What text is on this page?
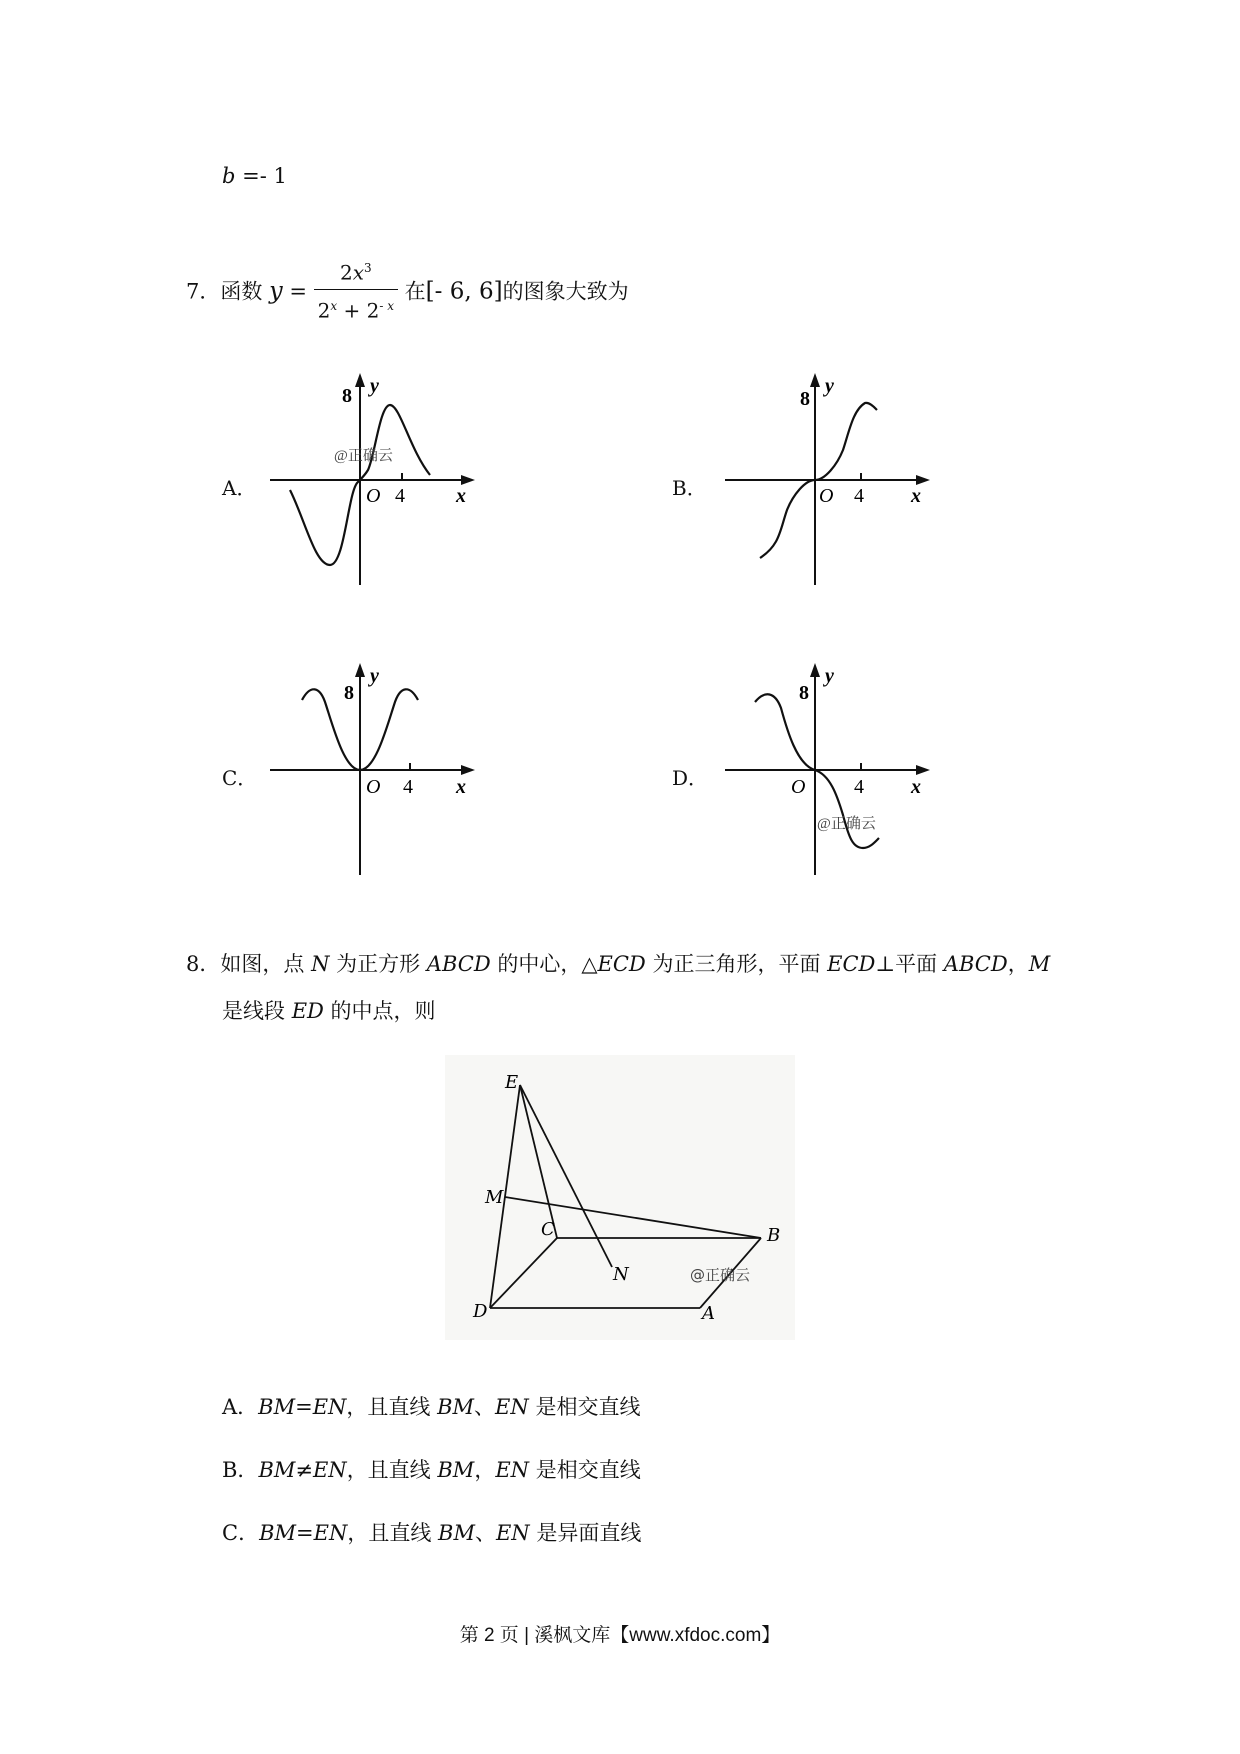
b =- 1
7．函数 $y = \frac{2x^3}{2^x + 2^{- x}}$ 在[- 6, 6]的图象大致为
A．	B．
C．	D．
8 y
O 4	x
@正确云
8
y
O 4 x
8
y
O 4 x
8
y
O 4 x
@正确云
8．如图，点 N 为正方形 ABCD 的中心，△ECD 为正三角形，平面 ECD⊥平面 ABCD，M
是线段 ED 的中点，则
E
M
C	B
N
D	A
@正确云
A．BM=EN，且直线 BM、EN 是相交直线
B．BM≠EN，且直线 BM，EN 是相交直线
C．BM=EN，且直线 BM、EN 是异面直线
第 2 页 | 溪枫文库【www.xfdoc.com】
